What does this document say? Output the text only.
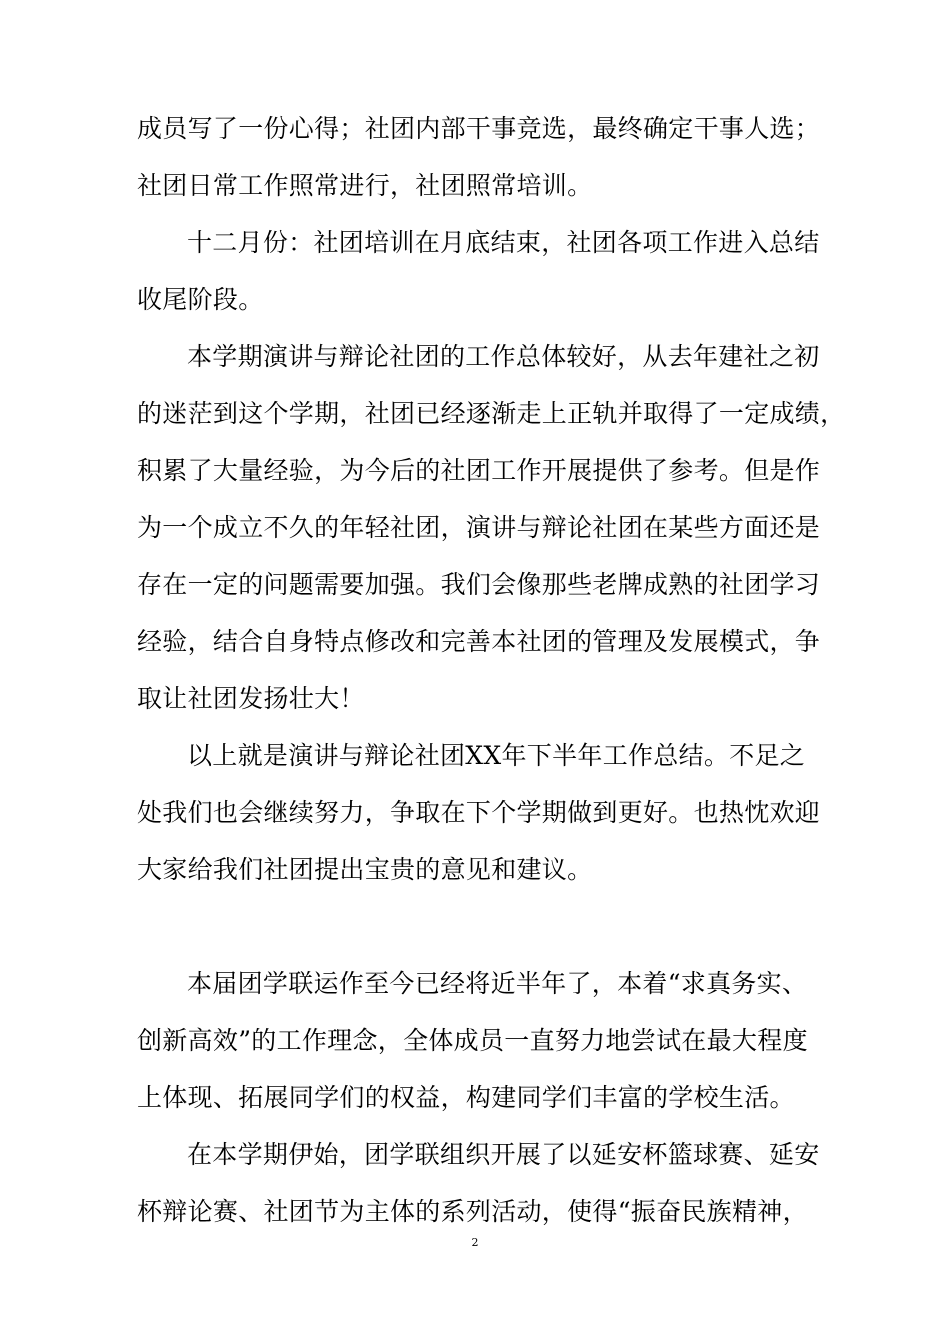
成员写了一份心得；社团内部干事竞选，最终确定干事人选；
社团日常工作照常进行，社团照常培训。
十二月份：社团培训在月底结束，社团各项工作进入总结
收尾阶段。
本学期演讲与辩论社团的工作总体较好，从去年建社之初
的迷茫到这个学期，社团已经逐渐走上正轨并取得了一定成绩，
积累了大量经验，为今后的社团工作开展提供了参考。但是作
为一个成立不久的年轻社团，演讲与辩论社团在某些方面还是
存在一定的问题需要加强。我们会像那些老牌成熟的社团学习
经验，结合自身特点修改和完善本社团的管理及发展模式，争
取让社团发扬壮大！
以上就是演讲与辩论社团XX年下半年工作总结。不足之
处我们也会继续努力，争取在下个学期做到更好。也热忱欢迎
大家给我们社团提出宝贵的意见和建议。
本届团学联运作至今已经将近半年了，本着“求真务实、
创新高效”的工作理念，全体成员一直努力地尝试在最大程度
上体现、拓展同学们的权益，构建同学们丰富的学校生活。
在本学期伊始，团学联组织开展了以延安杯篮球赛、延安
杯辩论赛、社团节为主体的系列活动，使得“振奋民族精神，
2
